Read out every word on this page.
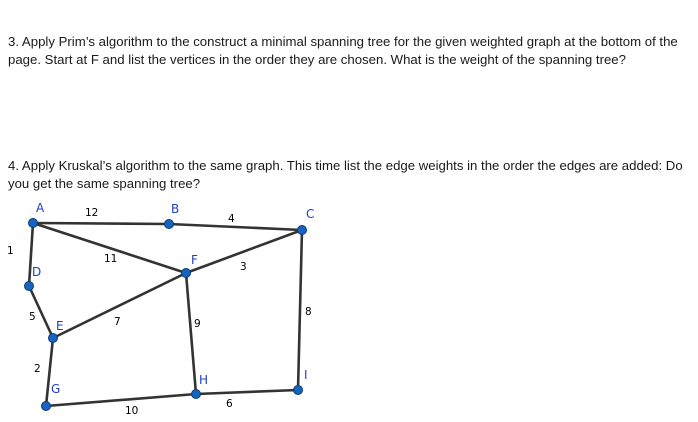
3. Apply Prim’s algorithm to the construct a minimal spanning tree for the given weighted graph at the bottom of the page. Start at F and list the vertices in the order they are chosen. What is the weight of the spanning tree?

4. Apply Kruskal’s algorithm to the same graph. This time list the edge weights in the order the edges are added: Do you get the same spanning tree?

12	4
1
11
3
5	7	9
8
2
10
6
A	B	C
D
E
F
G
H	I
